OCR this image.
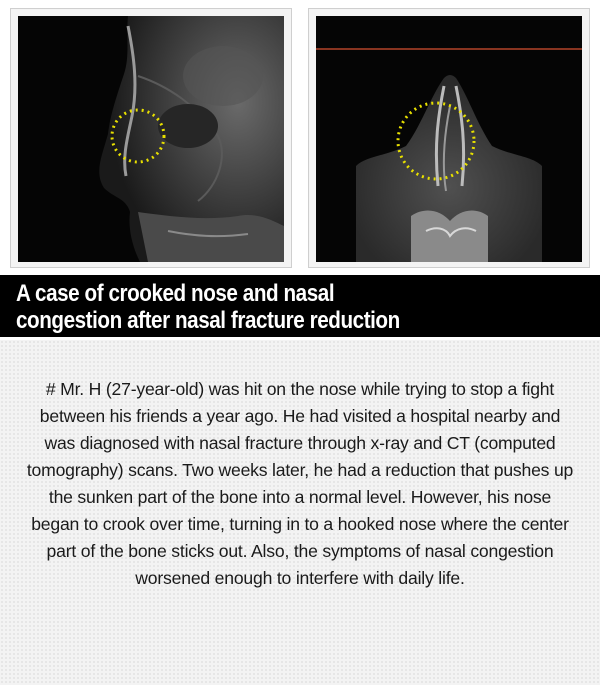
A case of crooked nose and nasal
congestion after nasal fracture reduction
# Mr. H (27-year-old) was hit on the nose while trying to stop a fight between his friends a year ago. He had visited a hospital nearby and was diagnosed with nasal fracture through x-ray and CT (computed tomography) scans. Two weeks later, he had a reduction that pushes up the sunken part of the bone into a normal level. However, his nose began to crook over time, turning in to a hooked nose where the center part of the bone sticks out. Also, the symptoms of nasal congestion worsened enough to interfere with daily life.
